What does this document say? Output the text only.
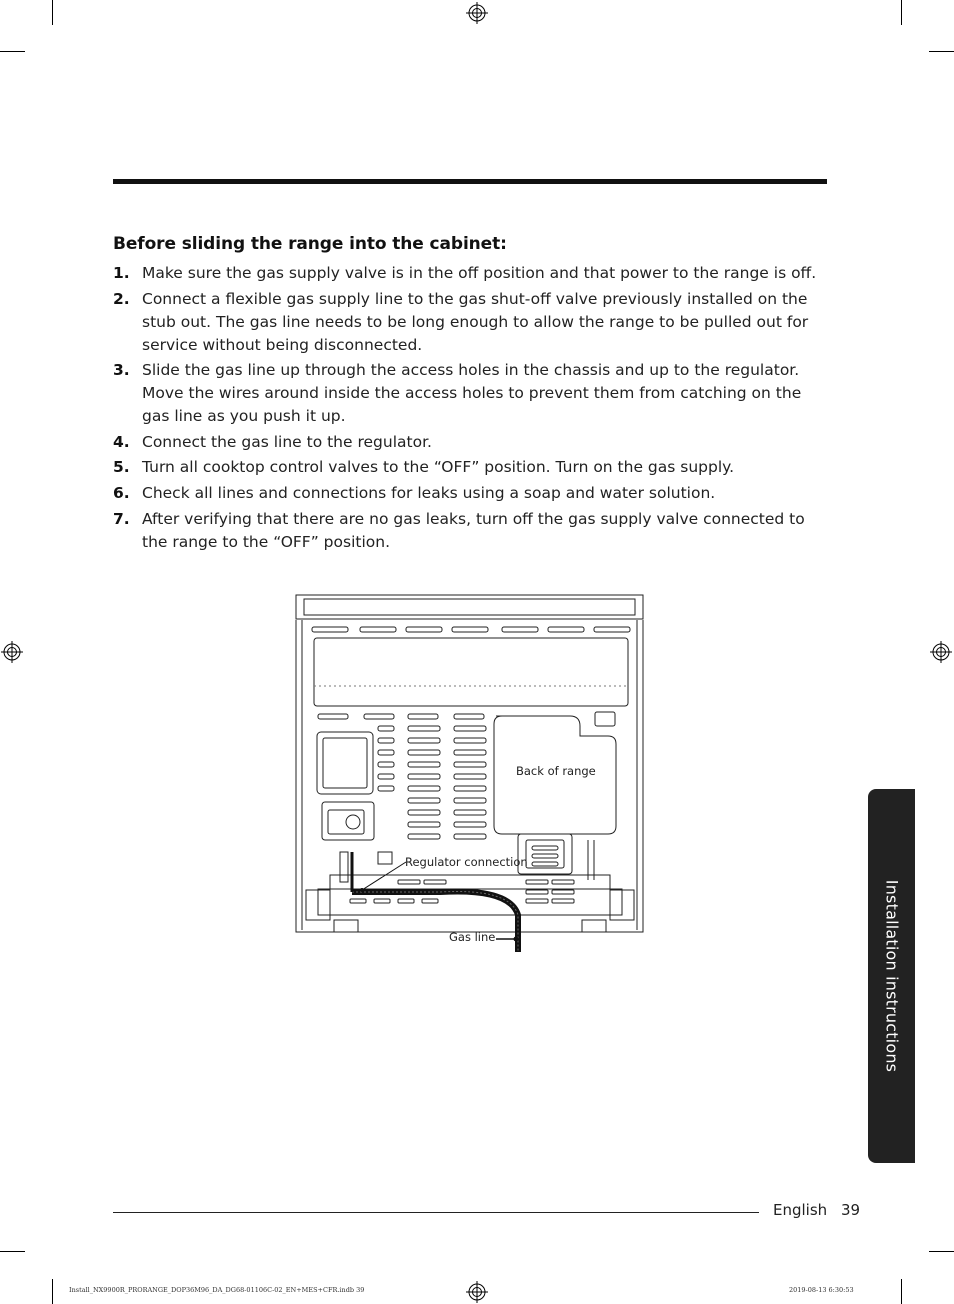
Before sliding the range into the cabinet:
1. Make sure the gas supply valve is in the off position and that power to the range is off.
2. Connect a flexible gas supply line to the gas shut-off valve previously installed on the stub out. The gas line needs to be long enough to allow the range to be pulled out for service without being disconnected.
3. Slide the gas line up through the access holes in the chassis and up to the regulator. Move the wires around inside the access holes to prevent them from catching on the gas line as you push it up.
4. Connect the gas line to the regulator.
5. Turn all cooktop control valves to the “OFF” position. Turn on the gas supply.
6. Check all lines and connections for leaks using a soap and water solution.
7. After verifying that there are no gas leaks, turn off the gas supply valve connected to the range to the “OFF” position.
Back of range
Regulator connection
Gas line	Installation instructions
English 39
Install_NX9900R_PRORANGE_DOP36M96_DA_DG68-01106C-02_EN+MES+CFR.indb 39	2019-08-13 6:30:53
